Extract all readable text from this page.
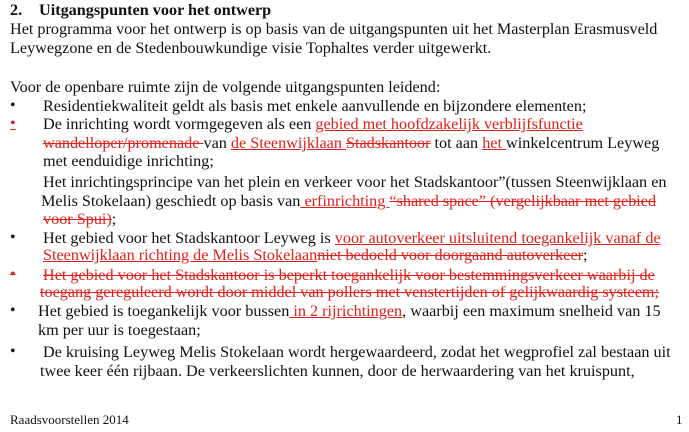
2. Uitgangspunten voor het ontwerp
Het programma voor het ontwerp is op basis van de uitgangspunten uit het Masterplan Erasmusveld
Leywegzone en de Stedenbouwkundige visie Tophaltes verder uitgewerkt.
Voor de openbare ruimte zijn de volgende uitgangspunten leidend:
• Residentiekwaliteit geldt als basis met enkele aanvullende en bijzondere elementen;
•	De inrichting wordt vormgegeven als een gebied met hoofdzakelijk verblijfsfunctie
wandelloper/promenade van de Steenwijklaan Stadskantoor tot aan het winkelcentrum Leyweg
met eenduidige inrichting;
Het inrichtingsprincipe van het plein en verkeer voor het Stadskantoor”(tussen Steenwijklaan en
Melis Stokelaan) geschiedt op basis van erfinrichting “shared space” (vergelijkbaar met gebied
voor Spui);
• Het gebied voor het Stadskantoor Leyweg is voor autoverkeer uitsluitend toegankelijk vanaf de
Steenwijklaan richting de Melis Stokelaanniet bedoeld voor doorgaand autoverkeer;
•	Het gebied voor het Stadskantoor is beperkt toegankelijk voor bestemmingsverkeer waarbij de
toegang gereguleerd wordt door middel van pollers met venstertijden of gelijkwaardig systeem;
• Het gebied is toegankelijk voor bussen in 2 rijrichtingen, waarbij een maximum snelheid van 15
km per uur is toegestaan;
• De kruising Leyweg Melis Stokelaan wordt hergewaardeerd, zodat het wegprofiel zal bestaan uit
twee keer één rijbaan. De verkeerslichten kunnen, door de herwaardering van het kruispunt,
Raadsvoorstellen 2014	1
